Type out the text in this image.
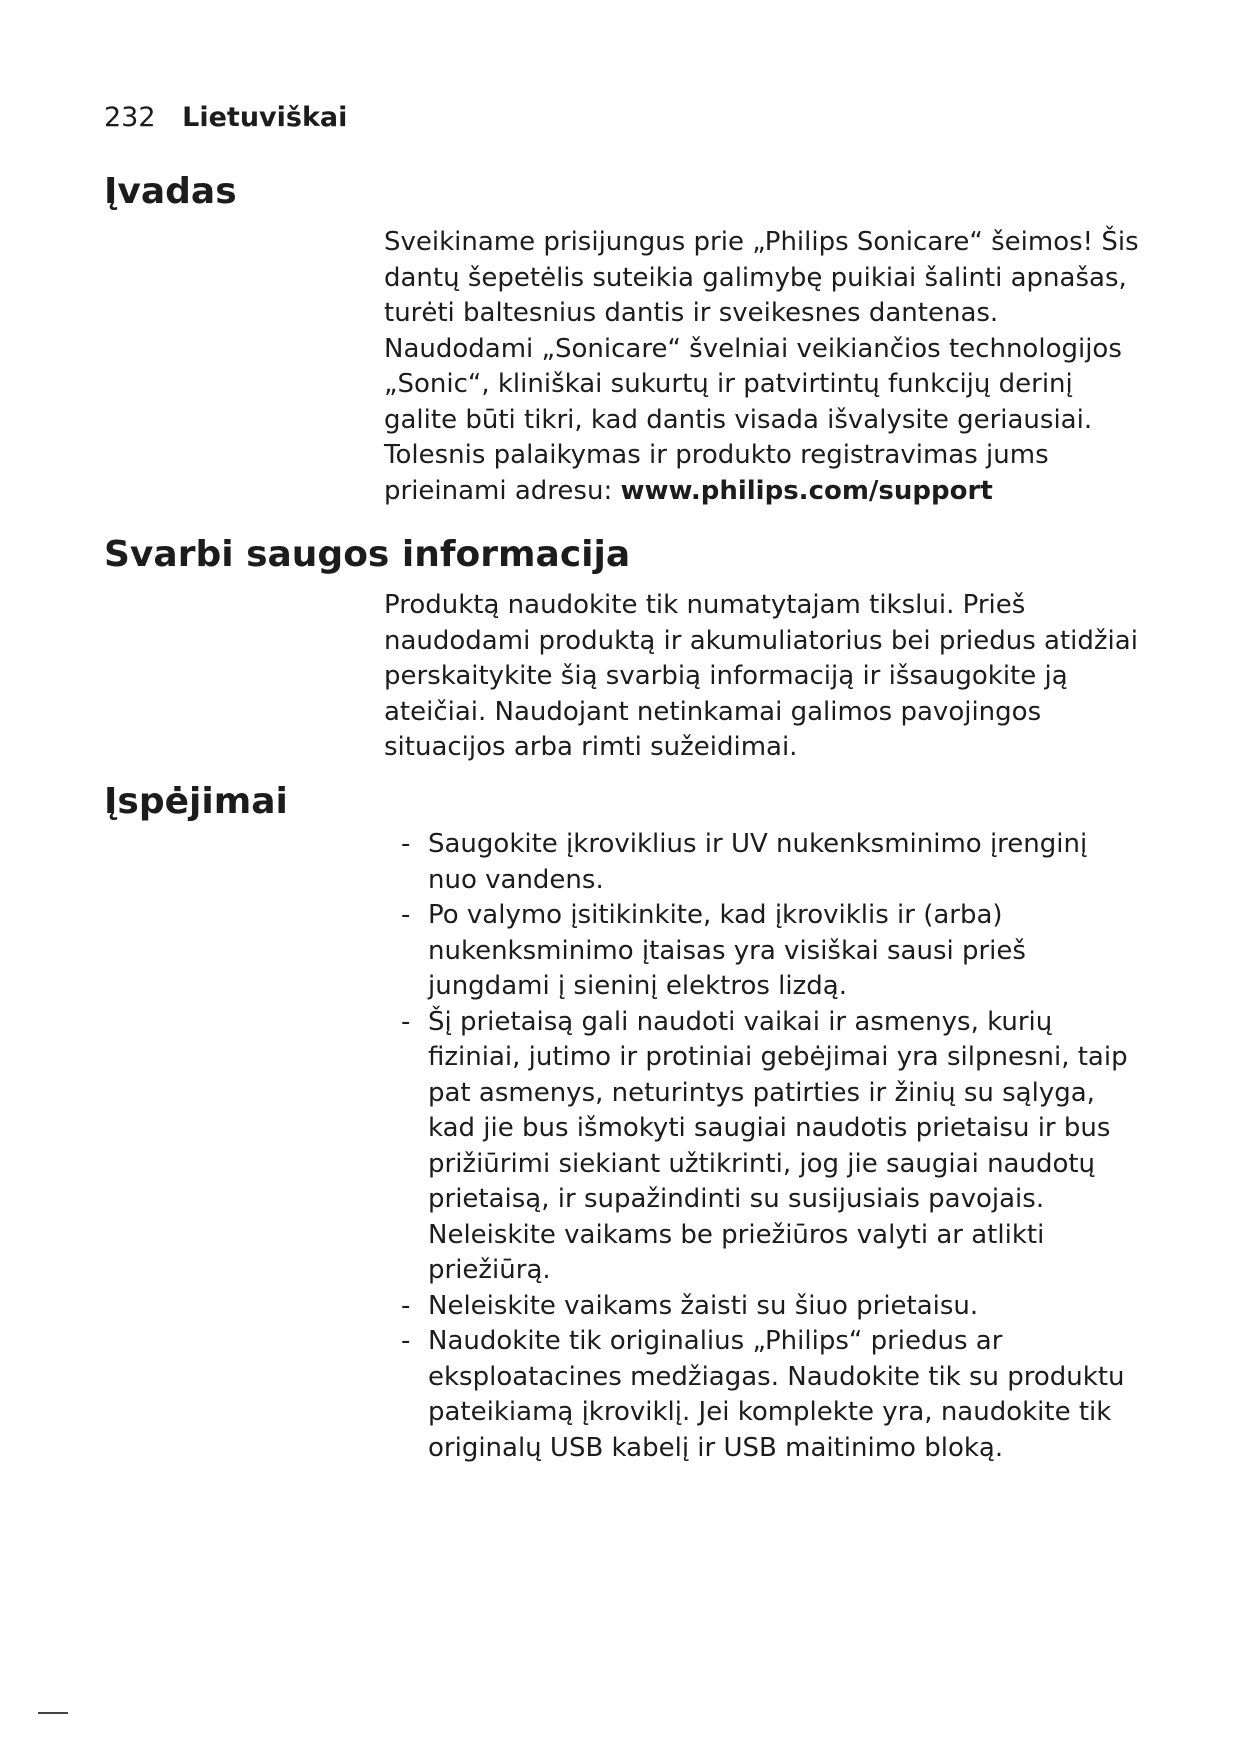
232 Lietuviškai
Įvadas

Sveikiname prisijungus prie „Philips Sonicare“ šeimos! Šis dantų šepetėlis suteikia galimybę puikiai šalinti apnašas, turėti baltesnius dantis ir sveikesnes dantenas. Naudodami „Sonicare“ švelniai veikiančios technologijos „Sonic“, kliniškai sukurtų ir patvirtintų funkcijų derinį galite būti tikri, kad dantis visada išvalysite geriausiai. Tolesnis palaikymas ir produkto registravimas jums prieinami adresu: www.philips.com/support

Svarbi saugos informacija

Produktą naudokite tik numatytajam tikslui. Prieš naudodami produktą ir akumuliatorius bei priedus atidžiai perskaitykite šią svarbią informaciją ir išsaugokite ją ateičiai. Naudojant netinkamai galimos pavojingos situacijos arba rimti sužeidimai.

Įspėjimai
- Saugokite įkroviklius ir UV nukenksminimo įrenginį nuo vandens.
- Po valymo įsitikinkite, kad įkroviklis ir (arba) nukenksminimo įtaisas yra visiškai sausi prieš jungdami į sieninį elektros lizdą.
- Šį prietaisą gali naudoti vaikai ir asmenys, kurių fiziniai, jutimo ir protiniai gebėjimai yra silpnesni, taip pat asmenys, neturintys patirties ir žinių su sąlyga, kad jie bus išmokyti saugiai naudotis prietaisu ir bus prižiūrimi siekiant užtikrinti, jog jie saugiai naudotų prietaisą, ir supažindinti su susijusiais pavojais. Neleiskite vaikams be priežiūros valyti ar atlikti priežiūrą.
- Neleiskite vaikams žaisti su šiuo prietaisu.
- Naudokite tik originalius „Philips“ priedus ar eksploatacines medžiagas. Naudokite tik su produktu pateikiamą įkroviklį. Jei komplekte yra, naudokite tik originalų USB kabelį ir USB maitinimo bloką.
